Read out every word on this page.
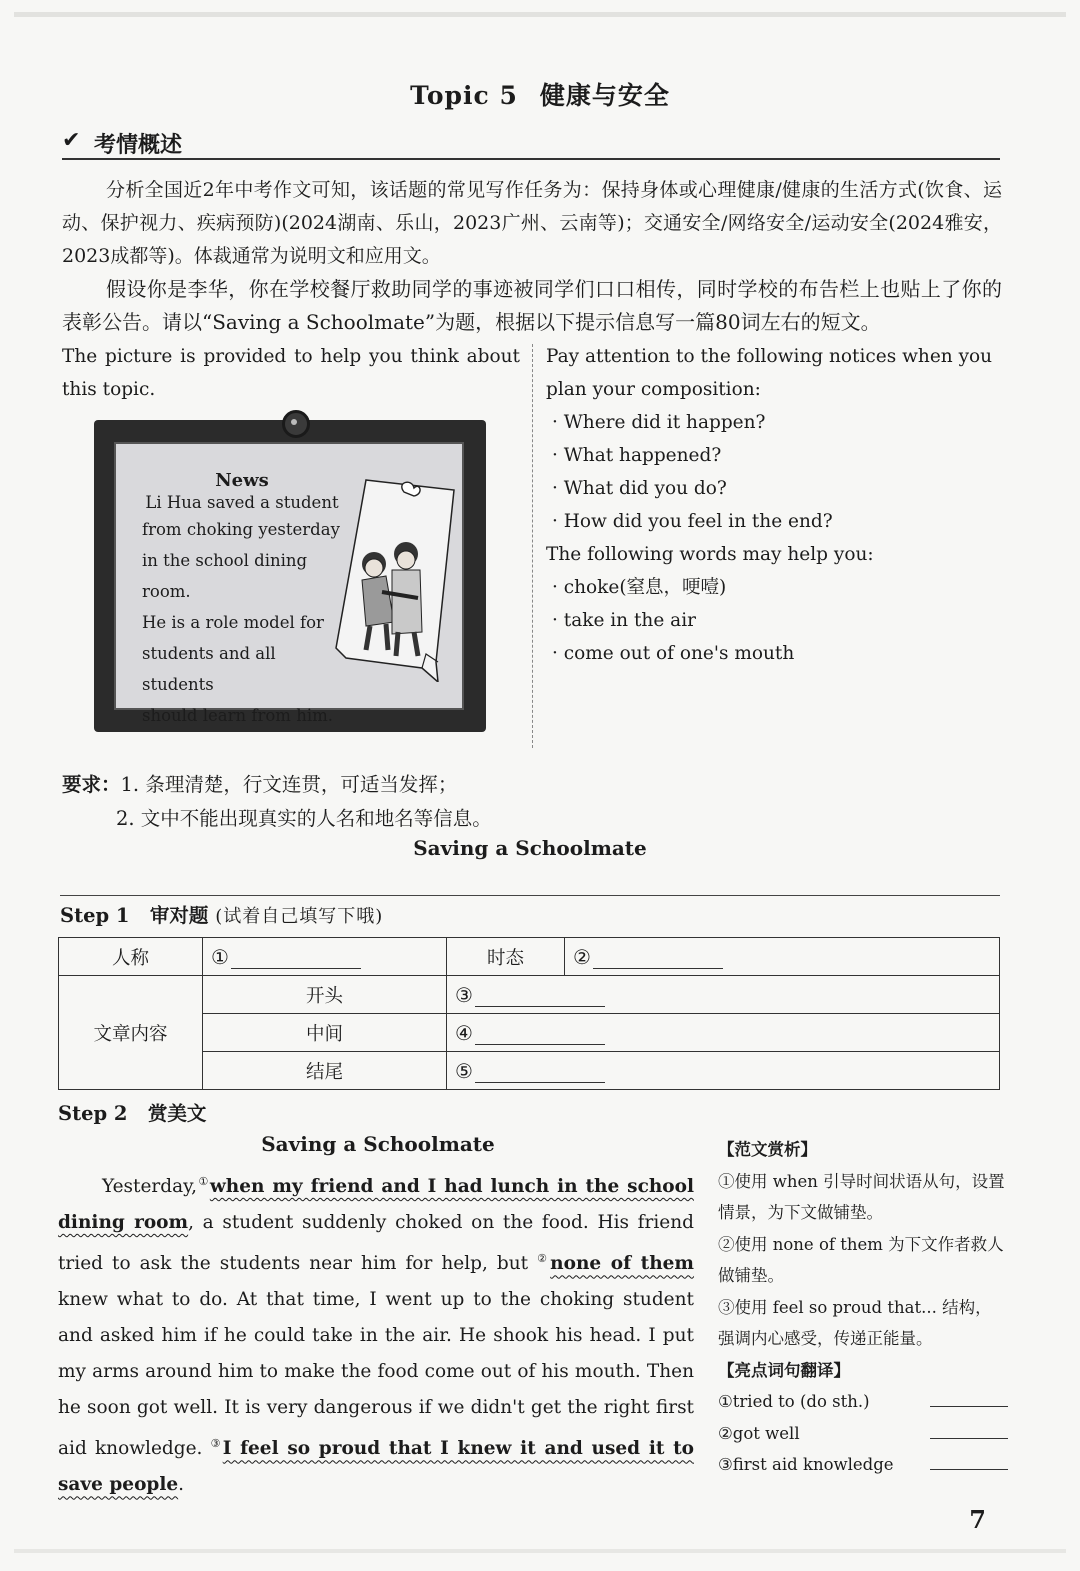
Topic 5 健康与安全
✔ 考情概述
分析全国近2年中考作文可知，该话题的常见写作任务为：保持身体或心理健康/健康的生活方式(饮食、运动、保护视力、疾病预防)(2024湖南、乐山，2023广州、云南等)；交通安全/网络安全/运动安全(2024雅安，2023成都等)。体裁通常为说明文和应用文。
假设你是李华，你在学校餐厅救助同学的事迹被同学们口口相传，同时学校的布告栏上也贴上了你的表彰公告。请以“Saving a Schoolmate”为题，根据以下提示信息写一篇80词左右的短文。
The picture is provided to help you think about this topic.
Pay attention to the following notices when you plan your composition:
· Where did it happen?
· What happened?
· What did you do?
· How did you feel in the end?
The following words may help you:
· choke(窒息，哽噎)
· take in the air
· come out of one's mouth
News
Li Hua saved a student
from choking yesterday
in the school dining room.
He is a role model for
students and all students
should learn from him.
要求：1. 条理清楚，行文连贯，可适当发挥；
2. 文中不能出现真实的人名和地名等信息。
Saving a Schoolmate
Step 1 审对题 (试着自己填写下哦)
人称	①	时态	②
文章内容	开头	③	
	中间	④	
	结尾	⑤	
Step 2 赏美文
Saving a Schoolmate
Yesterday,①when my friend and I had lunch in the school dining room, a student suddenly choked on the food. His friend tried to ask the students near him for help, but ②none of them knew what to do. At that time, I went up to the choking student and asked him if he could take in the air. He shook his head. I put my arms around him to make the food come out of his mouth. Then he soon got well. It is very dangerous if we didn't get the right first aid knowledge. ③I feel so proud that I knew it and used it to save people.
【范文赏析】
①使用 when 引导时间状语从句，设置情景，为下文做铺垫。
②使用 none of them 为下文作者救人做铺垫。
③使用 feel so proud that... 结构，强调内心感受，传递正能量。
【亮点词句翻译】
①tried to (do sth.)
②got well
③first aid knowledge
7
